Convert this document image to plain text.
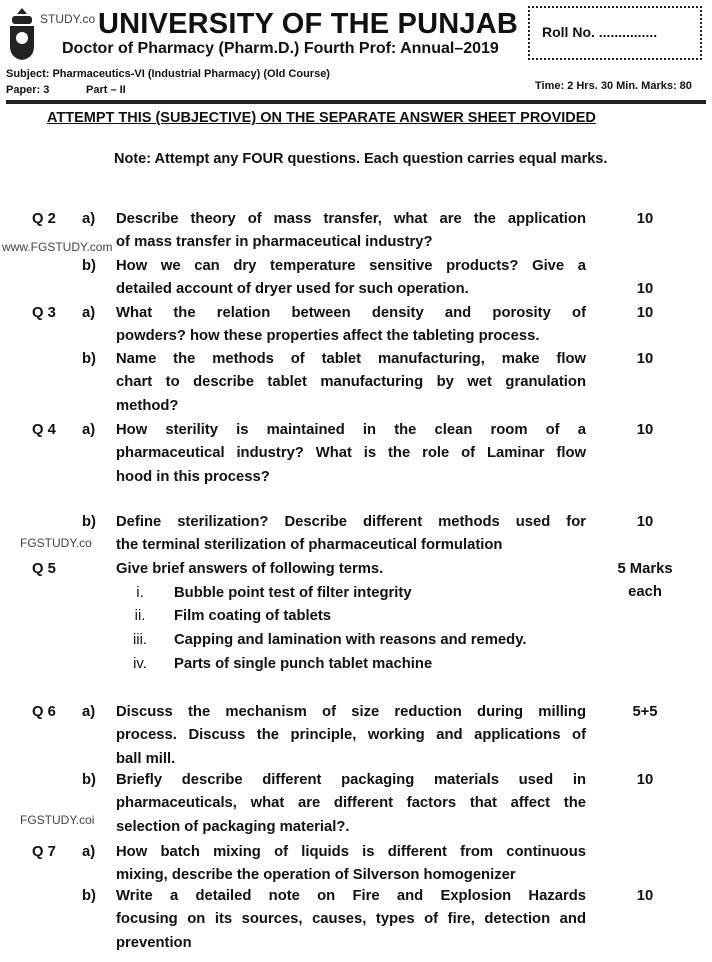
STUDY.co UNIVERSITY OF THE PUNJAB
Doctor of Pharmacy (Pharm.D.) Fourth Prof: Annual–2019
Roll No. ...............
Subject: Pharmaceutics-VI (Industrial Pharmacy) (Old Course)
Paper: 3	Part – II	Time: 2 Hrs. 30 Min. Marks: 80
ATTEMPT THIS (SUBJECTIVE) ON THE SEPARATE ANSWER SHEET PROVIDED
Note: Attempt any FOUR questions. Each question carries equal marks.
www.FGSTUDY.com
FGSTUDY.co
FGSTUDY.coi
Q 2 a) Describe theory of mass transfer, what are the application
of mass transfer in pharmaceutical industry?
10
b) How we can dry temperature sensitive products? Give a
detailed account of dryer used for such operation.	10
Q 3 a) What the relation between density and porosity of
powders? how these properties affect the tableting process.
10
b) Name the methods of tablet manufacturing, make flow
chart to describe tablet manufacturing by wet granulation
method?
10
Q 4 a) How sterility is maintained in the clean room of a
pharmaceutical industry? What is the role of Laminar flow
hood in this process?
10
b) Define sterilization? Describe different methods used for
the terminal sterilization of pharmaceutical formulation
10
Q 5	Give brief answers of following terms.	5 Marks
each
i.	Bubble point test of filter integrity
ii.	Film coating of tablets
iii.	Capping and lamination with reasons and remedy.
iv.	Parts of single punch tablet machine
Q 6 a) Discuss the mechanism of size reduction during milling
process. Discuss the principle, working and applications of
ball mill.
5+5
b) Briefly describe different packaging materials used in
pharmaceuticals, what are different factors that affect the
selection of packaging material?.
10
Q 7 a) How batch mixing of liquids is different from continuous
mixing, describe the operation of Silverson homogenizer
b) Write a detailed note on Fire and Explosion Hazards
focusing on its sources, causes, types of fire, detection and
prevention
10
